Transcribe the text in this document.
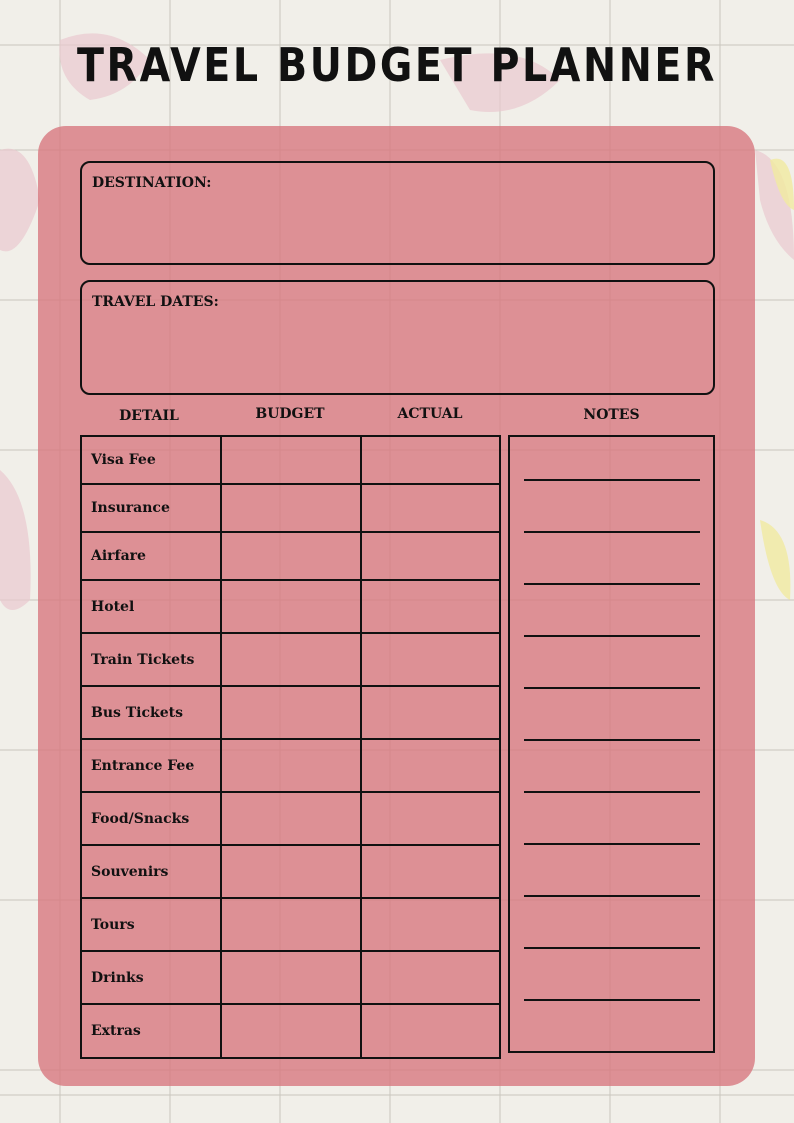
TRAVEL BUDGET PLANNER
DESTINATION:
TRAVEL DATES:
DETAIL	BUDGET	ACTUAL	NOTES
Visa Fee		
Insurance		
Airfare		
Hotel		
Train Tickets		
Bus Tickets		
Entrance Fee		
Food/Snacks		
Souvenirs		
Tours		
Drinks		
Extras		
